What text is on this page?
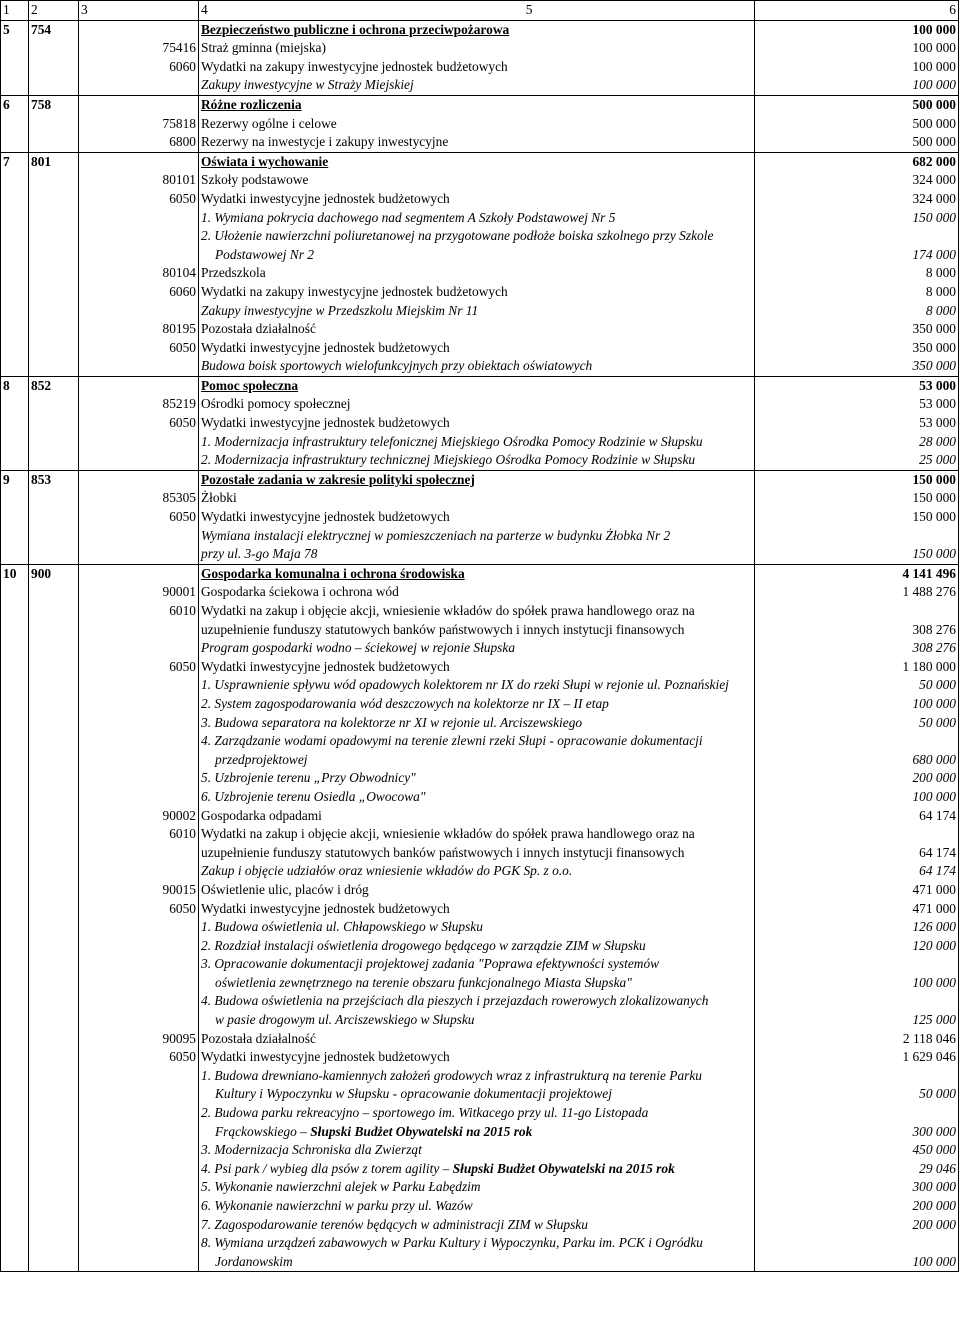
1	2	3	4 5		6
5	754		Bezpieczeństwo publiczne i ochrona przeciwpożarowa		100 000
		75416	Straż gminna (miejska)		100 000
		6060	Wydatki na zakupy inwestycyjne jednostek budżetowych		100 000
			Zakupy inwestycyjne w Straży Miejskiej		100 000
6	758		Różne rozliczenia		500 000
		75818	Rezerwy ogólne i celowe		500 000
		6800	Rezerwy na inwestycje i zakupy inwestycyjne		500 000
7	801		Oświata i wychowanie		682 000
		80101	Szkoły podstawowe		324 000
		6050	Wydatki inwestycyjne jednostek budżetowych		324 000
			1. Wymiana pokrycia dachowego nad segmentem A Szkoły Podstawowej Nr 5		150 000
			2. Ułożenie nawierzchni poliuretanowej na przygotowane podłoże boiska szkolnego przy Szkole		
			Podstawowej Nr 2		174 000
		80104	Przedszkola		8 000
		6060	Wydatki na zakupy inwestycyjne jednostek budżetowych		8 000
			Zakupy inwestycyjne w Przedszkolu Miejskim Nr 11		8 000
		80195	Pozostała działalność		350 000
		6050	Wydatki inwestycyjne jednostek budżetowych		350 000
			Budowa boisk sportowych wielofunkcyjnych przy obiektach oświatowych		350 000
8	852		Pomoc społeczna		53 000
		85219	Ośrodki pomocy społecznej		53 000
		6050	Wydatki inwestycyjne jednostek budżetowych		53 000
			1. Modernizacja infrastruktury telefonicznej Miejskiego Ośrodka Pomocy Rodzinie w Słupsku		28 000
			2. Modernizacja infrastruktury technicznej Miejskiego Ośrodka Pomocy Rodzinie w Słupsku		25 000
9	853		Pozostałe zadania w zakresie polityki społecznej		150 000
		85305	Żłobki		150 000
		6050	Wydatki inwestycyjne jednostek budżetowych		150 000
			Wymiana instalacji elektrycznej w pomieszczeniach na parterze w budynku Żłobka Nr 2		
			przy ul. 3-go Maja 78		150 000
10	900		Gospodarka komunalna i ochrona środowiska		4 141 496
		90001	Gospodarka ściekowa i ochrona wód		1 488 276
		6010	Wydatki na zakup i objęcie akcji, wniesienie wkładów do spółek prawa handlowego oraz na		
			uzupełnienie funduszy statutowych banków państwowych i innych instytucji finansowych		308 276
			Program gospodarki wodno – ściekowej w rejonie Słupska		308 276
		6050	Wydatki inwestycyjne jednostek budżetowych		1 180 000
			1. Usprawnienie spływu wód opadowych kolektorem nr IX do rzeki Słupi w rejonie ul. Poznańskiej		50 000
			2. System zagospodarowania wód deszczowych na kolektorze nr IX – II etap		100 000
			3. Budowa separatora na kolektorze nr XI w rejonie ul. Arciszewskiego		50 000
			4. Zarządzanie wodami opadowymi na terenie zlewni rzeki Słupi - opracowanie dokumentacji		
			przedprojektowej		680 000
			5. Uzbrojenie terenu „Przy Obwodnicy"		200 000
			6. Uzbrojenie terenu Osiedla „Owocowa"		100 000
		90002	Gospodarka odpadami		64 174
		6010	Wydatki na zakup i objęcie akcji, wniesienie wkładów do spółek prawa handlowego oraz na		
			uzupełnienie funduszy statutowych banków państwowych i innych instytucji finansowych		64 174
			Zakup i objęcie udziałów oraz wniesienie wkładów do PGK Sp. z o.o.		64 174
		90015	Oświetlenie ulic, placów i dróg		471 000
		6050	Wydatki inwestycyjne jednostek budżetowych		471 000
			1. Budowa oświetlenia ul. Chłapowskiego w Słupsku		126 000
			2. Rozdział instalacji oświetlenia drogowego będącego w zarządzie ZIM w Słupsku		120 000
			3. Opracowanie dokumentacji projektowej zadania "Poprawa efektywności systemów		
			oświetlenia zewnętrznego na terenie obszaru funkcjonalnego Miasta Słupska"		100 000
			4. Budowa oświetlenia na przejściach dla pieszych i przejazdach rowerowych zlokalizowanych		
			w pasie drogowym ul. Arciszewskiego w Słupsku		125 000
		90095	Pozostała działalność		2 118 046
		6050	Wydatki inwestycyjne jednostek budżetowych		1 629 046
			1. Budowa drewniano-kamiennych założeń grodowych wraz z infrastrukturą na terenie Parku		
			Kultury i Wypoczynku w Słupsku - opracowanie dokumentacji projektowej		50 000
			2. Budowa parku rekreacyjno – sportowego im. Witkacego przy ul. 11-go Listopada		
			Frąckowskiego – Słupski Budżet Obywatelski na 2015 rok		300 000
			3. Modernizacja Schroniska dla Zwierząt		450 000
			4. Psi park / wybieg dla psów z torem agility – Słupski Budżet Obywatelski na 2015 rok		29 046
			5. Wykonanie nawierzchni alejek w Parku Łabędzim		300 000
			6. Wykonanie nawierzchni w parku przy ul. Wazów		200 000
			7. Zagospodarowanie terenów będących w administracji ZIM w Słupsku		200 000
			8. Wymiana urządzeń zabawowych w Parku Kultury i Wypoczynku, Parku im. PCK i Ogródku		
			Jordanowskim		100 000
